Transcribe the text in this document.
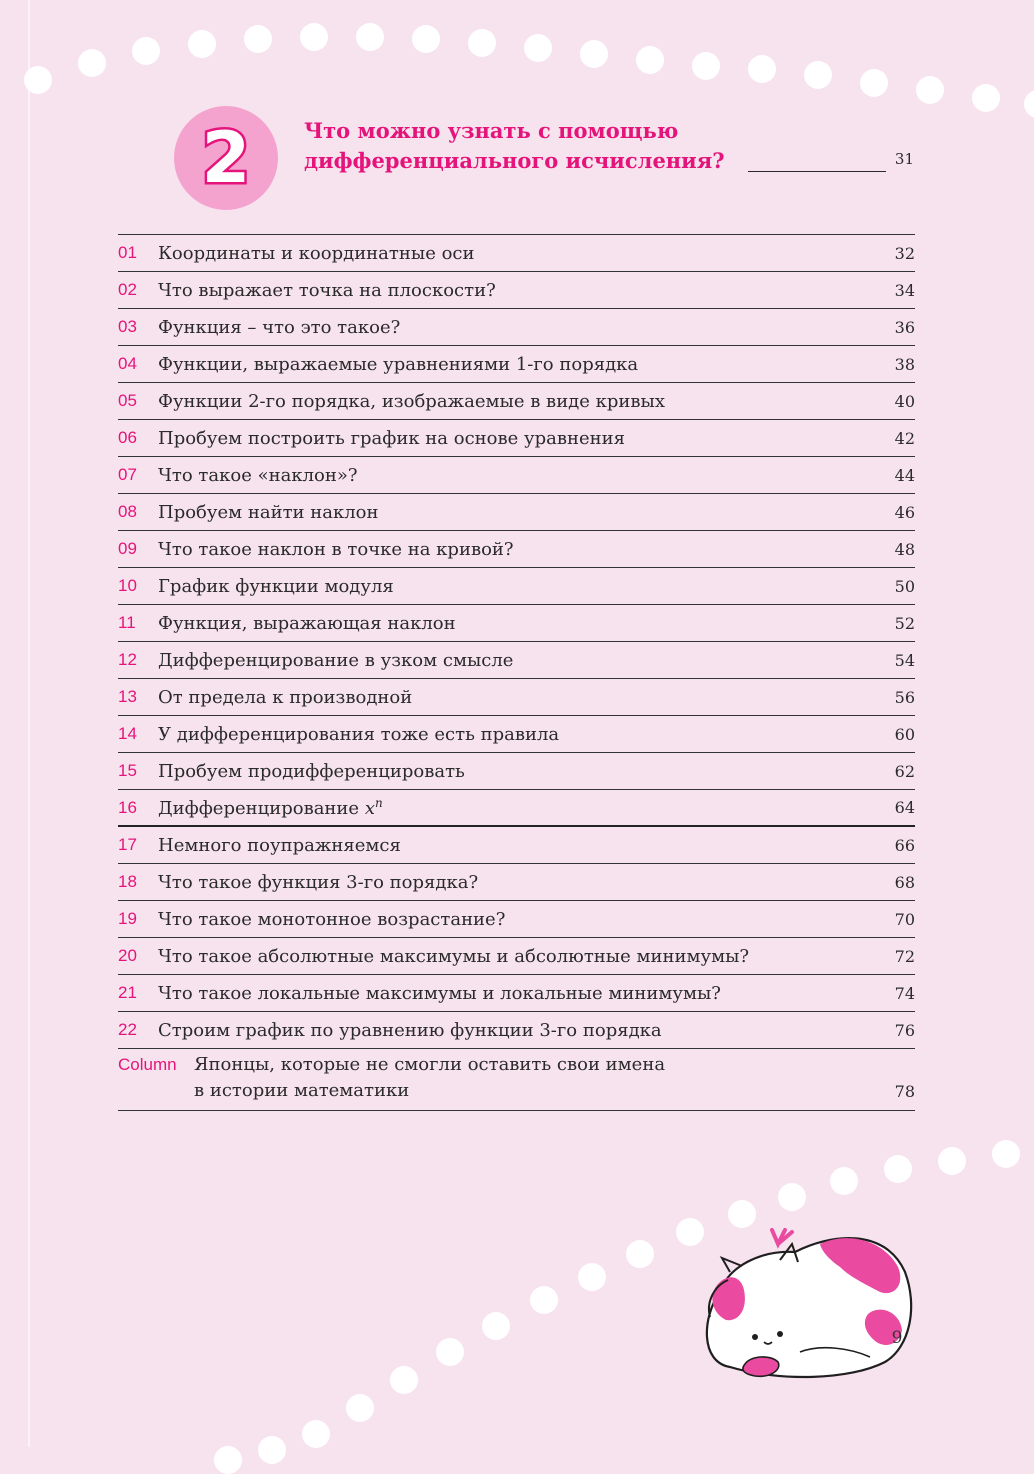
2	Что можно узнать с помощью
дифференциального исчисления?	31
01	Координаты и координатные оси	32
02	Что выражает точка на плоскости?	34
03	Функция – что это такое?	36
04	Функции, выражаемые уравнениями 1-го порядка	38
05	Функции 2-го порядка, изображаемые в виде кривых	40
06	Пробуем построить график на основе уравнения	42
07	Что такое «наклон»?	44
08	Пробуем найти наклон	46
09	Что такое наклон в точке на кривой?	48
10	График функции модуля	50
11	Функция, выражающая наклон	52
12	Дифференцирование в узком смысле	54
13	От предела к производной	56
14	У дифференцирования тоже есть правила	60
15	Пробуем продифференцировать	62
16	Дифференцирование $x^n$	64
17	Немного поупражняемся	66
18	Что такое функция 3-го порядка?	68
19	Что такое монотонное возрастание?	70
20	Что такое абсолютные максимумы и абсолютные минимумы?	72
21	Что такое локальные максимумы и локальные минимумы?	74
22	Строим график по уравнению функции 3-го порядка	76
Column Японцы, которые не смогли оставить свои имена
в истории математики	78
9
